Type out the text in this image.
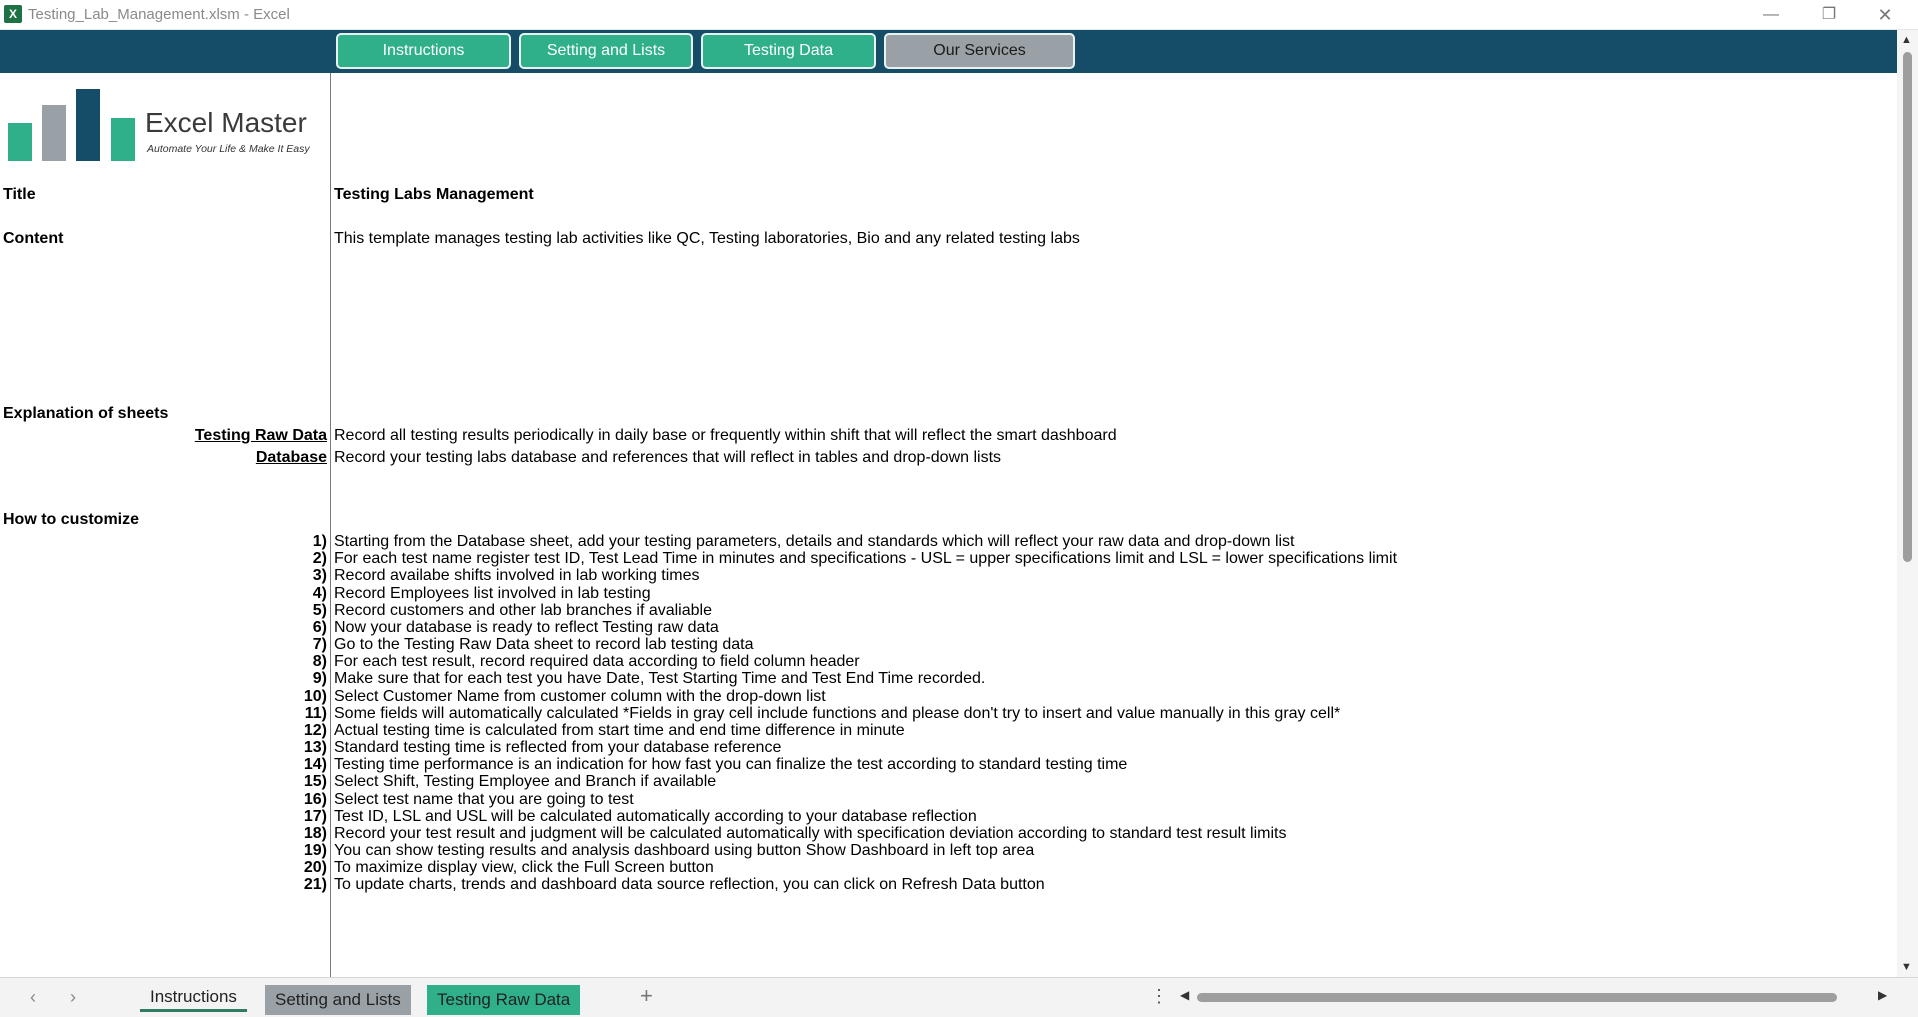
X Testing_Lab_Management.xlsm - Excel	—	❐	✕
Instructions	Setting and Lists	Testing Data	Our Services
Excel Master
Automate Your Life & Make It Easy
Title	Testing Labs Management
Content	This template manages testing lab activities like QC, Testing laboratories, Bio and any related testing labs
Explanation of sheets
Testing Raw Data Record all testing results periodically in daily base or frequently within shift that will reflect the smart dashboard
Database Record your testing labs database and references that will reflect in tables and drop-down lists
How to customize
1) Starting from the Database sheet, add your testing parameters, details and standards which will reflect your raw data and drop-down list
2) For each test name register test ID, Test Lead Time in minutes and specifications - USL = upper specifications limit and LSL = lower specifications limit
3) Record availabe shifts involved in lab working times
4) Record Employees list involved in lab testing
5) Record customers and other lab branches if avaliable
6) Now your database is ready to reflect Testing raw data
7) Go to the Testing Raw Data sheet to record lab testing data
8) For each test result, record required data according to field column header
9) Make sure that for each test you have Date, Test Starting Time and Test End Time recorded.
10) Select Customer Name from customer column with the drop-down list
11) Some fields will automatically calculated *Fields in gray cell include functions and please don't try to insert and value manually in this gray cell*
12) Actual testing time is calculated from start time and end time difference in minute
13) Standard testing time is reflected from your database reference
14) Testing time performance is an indication for how fast you can finalize the test according to standard testing time
15) Select Shift, Testing Employee and Branch if available
16) Select test name that you are going to test
17) Test ID, LSL and USL will be calculated automatically according to your database reflection
18) Record your test result and judgment will be calculated automatically with specification deviation according to standard test result limits
19) You can show testing results and analysis dashboard using button Show Dashboard in left top area
20) To maximize display view, click the Full Screen button
21) To update charts, trends and dashboard data source reflection, you can click on Refresh Data button
▲
▼
‹ ›	Instructions	Setting and Lists	Testing Raw Data	+	⋮ ◀	▶
